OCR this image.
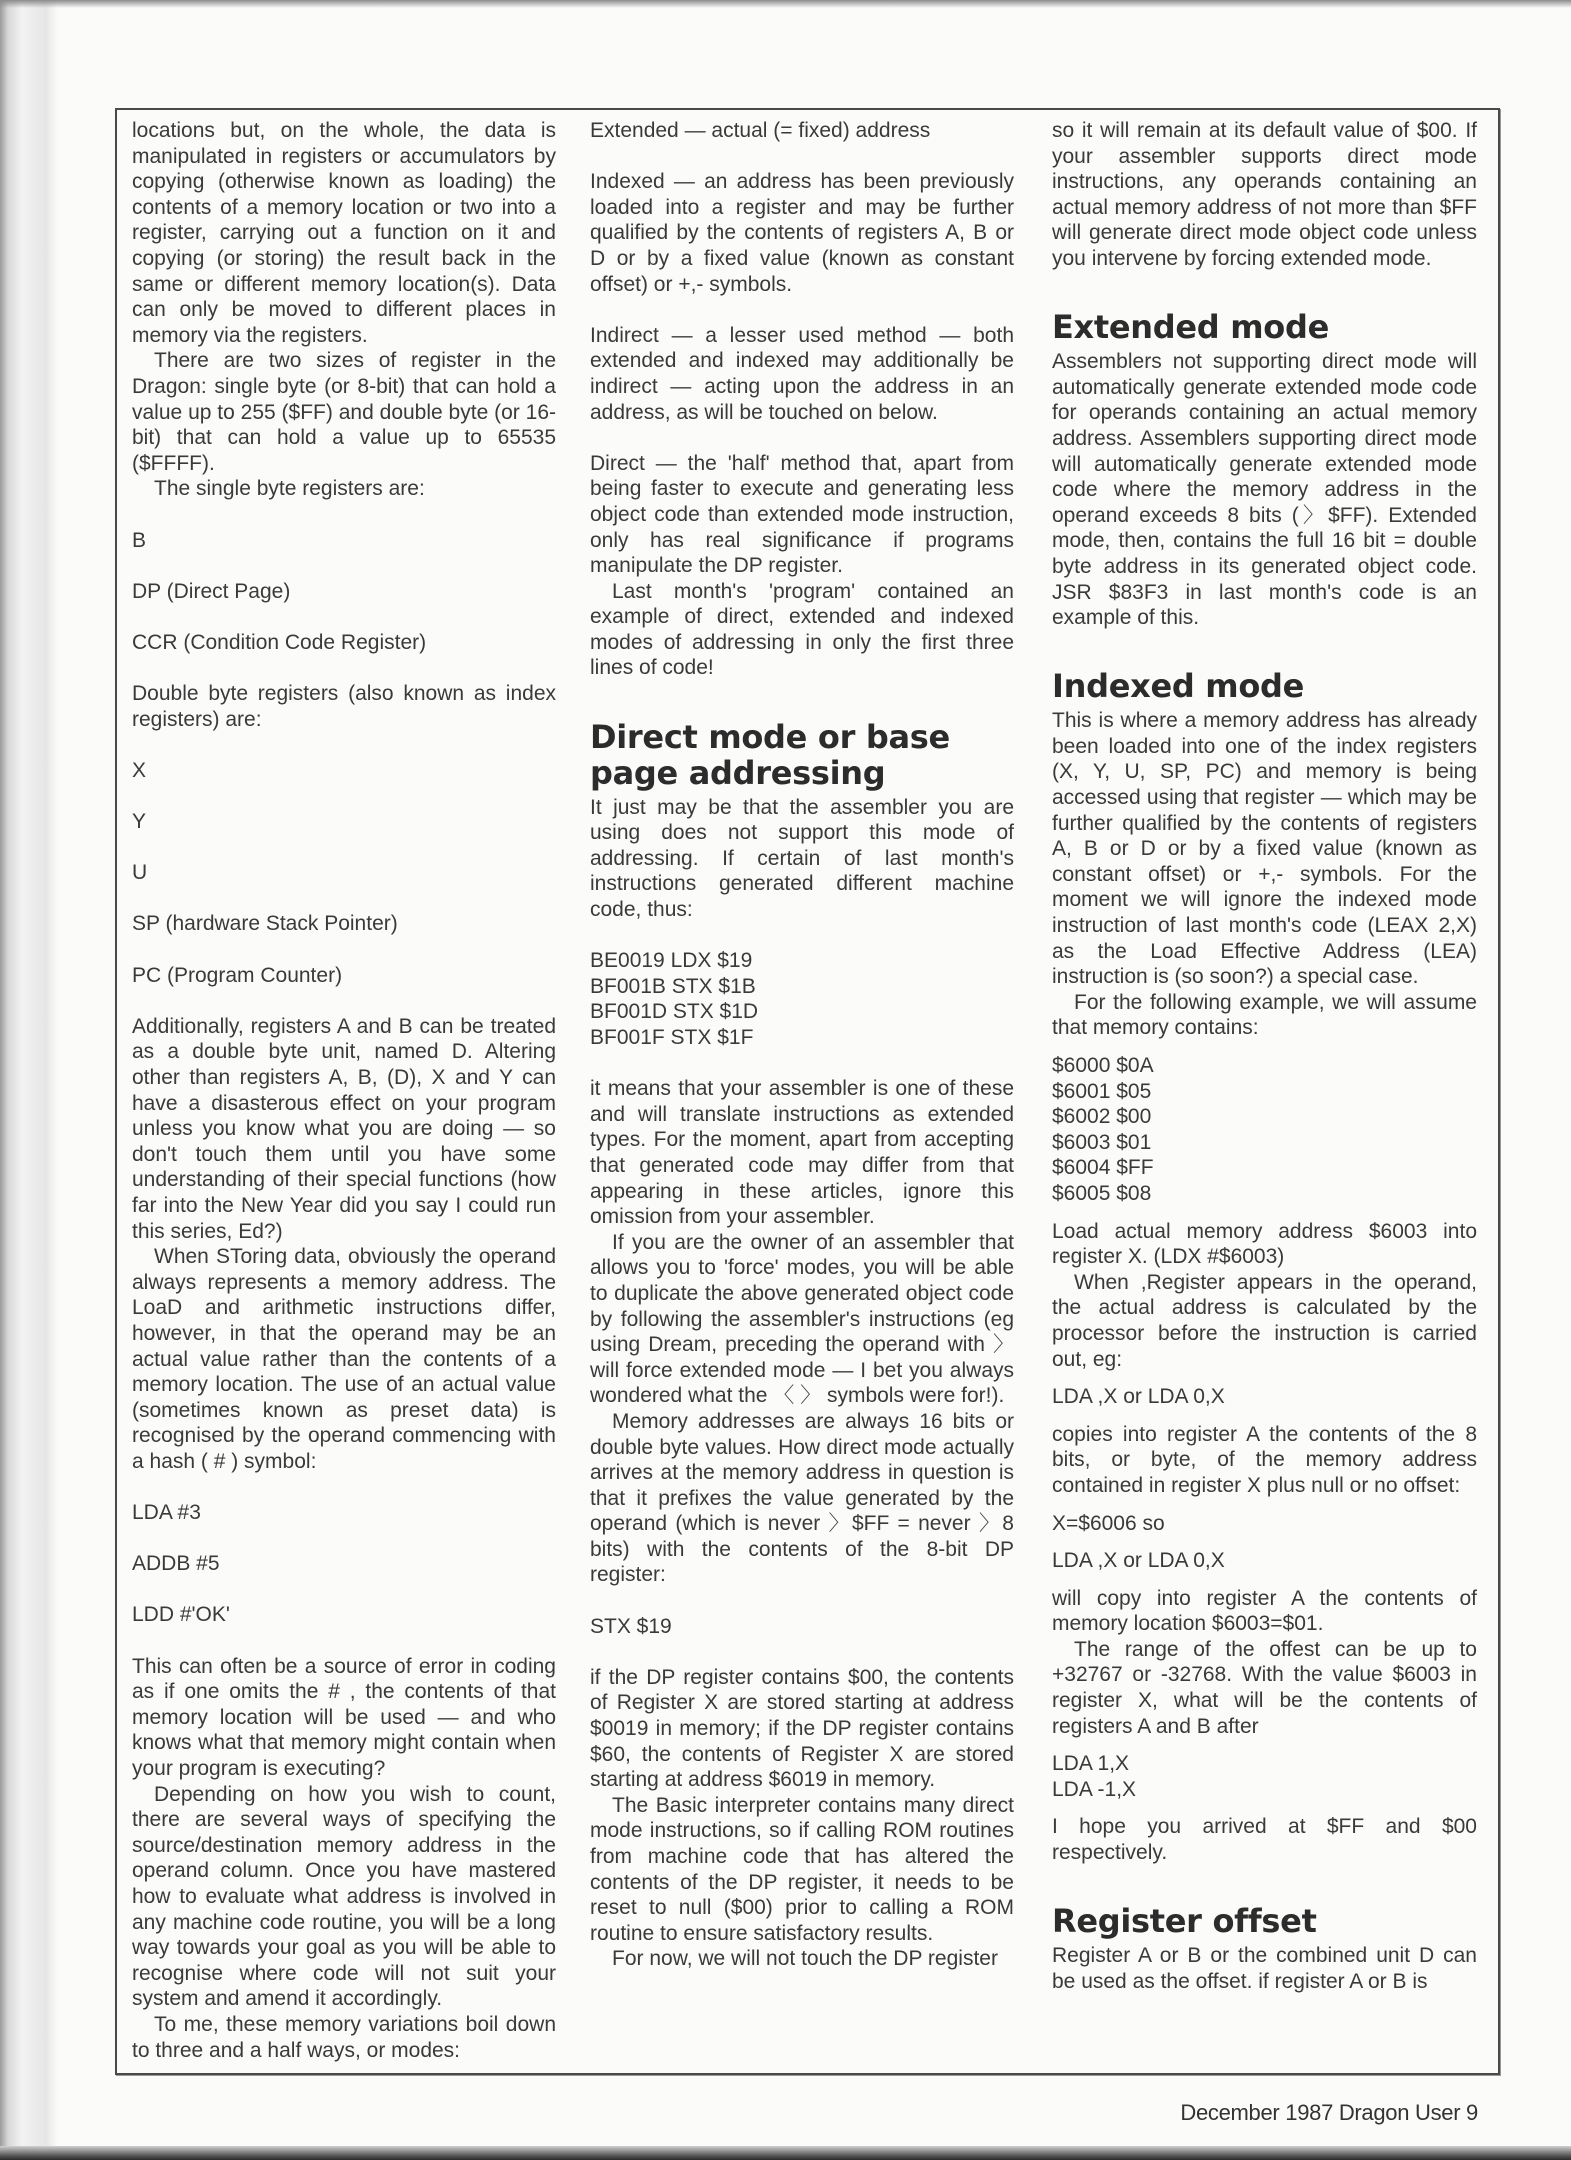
locations but, on the whole, the data is manipulated in registers or accumulators by copying (otherwise known as loading) the contents of a memory location or two into a register, carrying out a function on it and copying (or storing) the result back in the same or different memory location(s). Data can only be moved to different places in memory via the registers.

There are two sizes of register in the Dragon: single byte (or 8-bit) that can hold a value up to 255 ($FF) and double byte (or 16-bit) that can hold a value up to 65535 ($FFFF).

The single byte registers are:

B

DP (Direct Page)

CCR (Condition Code Register)

Double byte registers (also known as index registers) are:

X

Y

U

SP (hardware Stack Pointer)

PC (Program Counter)

Additionally, registers A and B can be treated as a double byte unit, named D. Altering other than registers A, B, (D), X and Y can have a disasterous effect on your program unless you know what you are doing — so don't touch them until you have some understanding of their special functions (how far into the New Year did you say I could run this series, Ed?)

When SToring data, obviously the operand always represents a memory address. The LoaD and arithmetic instructions differ, however, in that the operand may be an actual value rather than the contents of a memory location. The use of an actual value (sometimes known as preset data) is recognised by the operand commencing with a hash ( # ) symbol:

LDA #3

ADDB #5

LDD #'OK'

This can often be a source of error in coding as if one omits the # , the contents of that memory location will be used — and who knows what that memory might contain when your program is executing?

Depending on how you wish to count, there are several ways of specifying the source/destination memory address in the operand column. Once you have mastered how to evaluate what address is involved in any machine code routine, you will be a long way towards your goal as you will be able to recognise where code will not suit your system and amend it accordingly.

To me, these memory variations boil down to three and a half ways, or modes:

Extended — actual (= fixed) address

Indexed — an address has been previously loaded into a register and may be further qualified by the contents of registers A, B or D or by a fixed value (known as constant offset) or +,- symbols.

Indirect — a lesser used method — both extended and indexed may additionally be indirect — acting upon the address in an address, as will be touched on below.

Direct — the 'half' method that, apart from being faster to execute and generating less object code than extended mode instruction, only has real significance if programs manipulate the DP register.

Last month's 'program' contained an example of direct, extended and indexed modes of addressing in only the first three lines of code!

Direct mode or base page addressing

It just may be that the assembler you are using does not support this mode of addressing. If certain of last month's instructions generated different machine code, thus:

BE0019 LDX $19

BF001B STX $1B

BF001D STX $1D

BF001F STX $1F

it means that your assembler is one of these and will translate instructions as extended types. For the moment, apart from accepting that generated code may differ from that appearing in these articles, ignore this omission from your assembler.

If you are the owner of an assembler that allows you to 'force' modes, you will be able to duplicate the above generated object code by following the assembler's instructions (eg using Dream, preceding the operand with 〉will force extended mode — I bet you always wondered what the 〈 〉 symbols were for!).

Memory addresses are always 16 bits or double byte values. How direct mode actually arrives at the memory address in question is that it prefixes the value generated by the operand (which is never 〉$FF = never 〉8 bits) with the contents of the 8-bit DP register:

STX $19

if the DP register contains $00, the contents of Register X are stored starting at address $0019 in memory; if the DP register contains $60, the contents of Register X are stored starting at address $6019 in memory.

The Basic interpreter contains many direct mode instructions, so if calling ROM routines from machine code that has altered the contents of the DP register, it needs to be reset to null ($00) prior to calling a ROM routine to ensure satisfactory results.

For now, we will not touch the DP register

so it will remain at its default value of $00. If your assembler supports direct mode instructions, any operands containing an actual memory address of not more than $FF will generate direct mode object code unless you intervene by forcing extended mode.

Extended mode

Assemblers not supporting direct mode will automatically generate extended mode code for operands containing an actual memory address. Assemblers supporting direct mode will automatically generate extended mode code where the memory address in the operand exceeds 8 bits (〉$FF). Extended mode, then, contains the full 16 bit = double byte address in its generated object code. JSR $83F3 in last month's code is an example of this.

Indexed mode

This is where a memory address has already been loaded into one of the index registers (X, Y, U, SP, PC) and memory is being accessed using that register — which may be further qualified by the contents of registers A, B or D or by a fixed value (known as constant offset) or +,- symbols. For the moment we will ignore the indexed mode instruction of last month's code (LEAX 2,X) as the Load Effective Address (LEA) instruction is (so soon?) a special case.

For the following example, we will assume that memory contains:

$6000 $0A

$6001 $05

$6002 $00

$6003 $01

$6004 $FF

$6005 $08

Load actual memory address $6003 into register X. (LDX #$6003)

When ,Register appears in the operand, the actual address is calculated by the processor before the instruction is carried out, eg:

LDA ,X or LDA 0,X

copies into register A the contents of the 8 bits, or byte, of the memory address contained in register X plus null or no offset:

X=$6006 so

LDA ,X or LDA 0,X

will copy into register A the contents of memory location $6003=$01.

The range of the offest can be up to +32767 or -32768. With the value $6003 in register X, what will be the contents of registers A and B after

LDA 1,X

LDA -1,X

I hope you arrived at $FF and $00 respectively.

Register offset

Register A or B or the combined unit D can be used as the offset. if register A or B is

December 1987 Dragon User 9
